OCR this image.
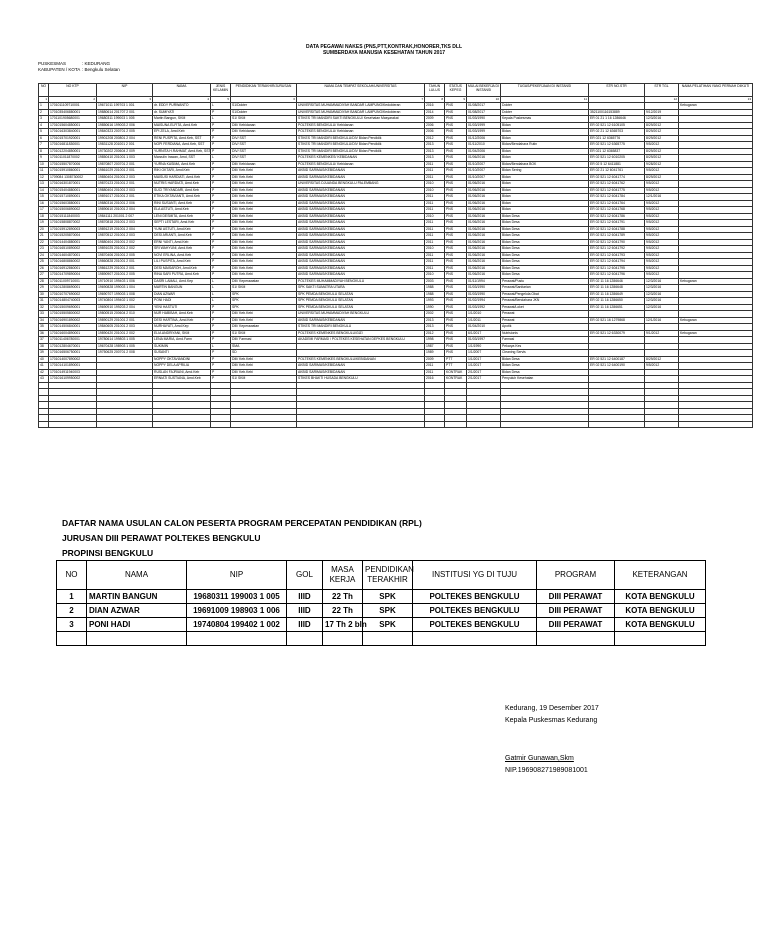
DATA PEGAWAI NAKES (PNS,PTT,KONTRAK,HONORER,TKS DLL
SUMBERDAYA MANUSIA KESEHATAN TAHUN 2017
PUSKESMAS	: KEDURANG
KABUPATEN / KOTA : Bengkulu Selatan
NO	NO KTP	NIP	NAMA	JENIS KELAMIN	PENDIDIKAN TERAKHIR/JURUSAN	NAMA DAN TEMPAT SEKOLAH/UNIVERSITAS	TAHUN LULUS	STATUS KEPEG	MULAI BEKERJA DI INSTANSI	TUGAS/PEKERJAAN DI INSTANSI	STR NO.STR	STR TGL	NAMA PELATIHAN YANG PERNAH DIIKUTI
1	2	3	4	5	6	7	8	9	10	11		12	13
1	1701011109710001	19671011 199703 1 001	dr. EDDY PURWANTO	L	S1/Dokter	UNIVERSITAS MUHAMMADIYAH BANDAR LAMPUNG/Kedokteran	2016	PNS	01/08/2017	Dokter			Kebugaran
2	1701035406880001	19880614 201707 2 001	dr. SUMIYATI	P	S1/Dokter	UNIVERSITAS MUHAMMADIYAH BANDAR LAMPUNG/Kedokteran	2014	PNS	01/08/2017	Dokter	3521100116153889	9/12/2019	
3	1701101905680001	19680311 199003 1 005	Martin Bangun, SKM	L	S1/ SKM	STIKES TRI MANDIRI SAKTI BENGKULU/ Kesehatan Masyarakat	2009	PNS	01/03/1990	Kepala Puskesmas	ER 01 21 1 16 1286646	12/3/2016	
4	1701015604850001	19850616 199003 2 006	MAISUNA ELFITA, Amd.Keb	P	DIII/ Kebidanan	POLTEKES BENGKULU/ Kebidanan	2006	PNS	01/03/1999	Bidan	ER 02 521 12 6105105	8/29/2012	
5	1701016303840001	19840323 200701 2 005	EPI ZELA, Amd.Keb	P	DIII/ Kebidanan	POLTEKES BENGKULU/ Kebidanan	2006	PNS	01/03/1999	Bidan	ER 02 21 12 6365703	8/29/2012	
6	1701015701920001	19901208 200801 2 004	RENI PUSPITA, Amd.Keb, SST	P	DIV/ SST	STIKES TRI MANDIRI BENGKULU/DIV Bidan Pendidik	2012	PNS	01/12/2006	Bidan	ER 021 12 6365776	8/29/2012	
7	1701016811830001	19831128 201001 2 001	NOPI FERDIANA, Amd.Keb, SST	P	DIV/ SST	STIKES TRI MANDIRI BENGKULU/DIV Bidan Pendidik	2013	PNS	01/11/2010	Bidan/Bendahara Rutin	ER 02 521 12 6365775	9/5/2012	
8	1701012204850001	19730202 200604 2 009	YURNITA H.RAHMAT, Amd.Keb, SST	P	DIV/ SST	STIKES TRI MANDIRI BENGKULU/DIV Bidan Pendidik	2013	PNS	01/04/2006	Bidan	ER 021 12 6365837	8/29/2012	
9	1701011011870002	19850410 201001 1 003	Marzulin Irawan, Amd, SST	L	DIV/ SST	POLTEKES KEMENKES/ KEBIDANAN	2013	PNS	01/06/2016	Bidan	ER 02 521 12 6010205	8/29/2012	
10	1701015507870006	19870807 200701 2 001	YURNA KASIMA, Amd.Keb	P	DIII/ Kebidanan	POLTEKES BENGKULU/ Kebidanan	2011	PNS	01/10/2007	Bidan/Bendahara BOK	ER 02 5 12 6411881	9/28/2012	
11	1701015910860001	19861029 201001 2 001	RIKI OKTARI, Amd.Keb	P	DIII/ Keb.Kebi	AKBID SARIMAS/KEBIDANAN	2011	PNS	01/10/2007	Bidan Sering	ER 02 21 12 6041761	9/5/2012	
12	1709084 1308730002	19850404 201001 2 003	MAISUSI HARDIATI, Amd.Keb	P	DIII/ Keb.Kebi	AKBID SARIMAS/KEBIDANAN	2011	PNS	01/10/2007	Bidan	ER 02 521 12 6041774	8/29/2012	
13	1701016301870001	19870123 201001 2 001	NUTRIS HARDIATI, Amd.Keb	P	DIII/ Keb.Kebi	UNIVERSITAS DJUANDA BENGKULU PALEMBANG	2010	PNS	01/06/2016	Bidan	ER 02 521 12 6041762	9/5/2012	
14	1701015404880001	19880404 201001 2 003	SUCI TRIYANDARI, Amd.Keb	P	DIII/ Keb.Kebi	AKBID SARIMAS/KEBIDANAN	2010	PNS	01/06/2016	Bidan	ER 02 521 12 6041775	9/5/2012	
15	1701015710890001	19891017 201001 2 001	ETIKA OKTAVIANTI, Amd.Keb	P	DIII/ Keb.Kebi	AKBID SARIMAS/KEBIDANAN	2011	PNS	01/06/2016	Bidan	ER 02 521 12 6041784	12/1/2016	
16	1701015603880001	19880316 201001 2 006	RINI SUSANTI, Amd.Keb	P	DIII/ Keb.Kebi	AKBID SARIMAS/KEBIDANAN	2011	PNS	01/06/2016	Bidan	ER 02 521 12 6041764	9/5/2012	
17	1701015006890002	19890610 201001 2 004	ELA ASTUTI, Amd.Keb	P	DIII/ Keb.Kebi	AKBID SARIMAS/KEBIDANAN	2011	PNS	01/06/2016	Bidan	ER 02 521 12 6041768	9/5/2012	
18	1701015111840003	19841111 201001 2 007	LENI DESMITA, Amd.Keb	P	DIII/ Keb.Kebi	AKBID SARIMAS/KEBIDANAN	2010	PNS	01/06/2016	Bidan Desa	ER 02 521 12 6041786	9/5/2012	
19	1701015808870002	19870818 201001 2 003	SEPTI LESTARI, Amd.Keb	P	DIII/ Keb.Kebi	AKBID SARIMAS/KEBIDANAN	2011	PNS	01/06/2016	Bidan Desa	ER 02 521 12 6041791	9/5/2012	
20	1701015912890003	19891219 201001 2 004	YUNI ASTUTI, Amd.Keb	P	DIII/ Keb.Kebi	AKBID SARIMAS/KEBIDANAN	2011	PNS	01/06/2016	Bidan Desa	ER 02 521 12 6041788	9/5/2012	
21	1701015205870004	19870512 201001 2 003	DESI ARIANTI, Amd.Keb	P	DIII/ Keb.Kebi	AKBID SARIMAS/KEBIDANAN	2011	PNS	01/06/2016	Bidan Desa	ER 02 521 12 6041789	9/5/2012	
22	1701014404880001	19880404 201001 2 002	ERNI YANTI, Amd.Keb	P	DIII/ Keb.Kebi	AKBID SARIMAS/KEBIDANAN	2011	PNS	01/06/2016	Bidan Desa	ER 02 521 12 6041790	9/5/2012	
23	1701016510890002	19891025 201001 2 002	SRI WAHYUNI, Amd.Keb	P	DIII/ Keb.Kebi	AKBID SARIMAS/KEBIDANAN	2010	PNS	01/06/2016	Bidan Desa	ER 02 521 12 6041792	9/5/2012	
24	1701014604870001	19870406 201001 2 005	NOVI ERLINA, Amd.Keb	P	DIII/ Keb.Kebi	AKBID SARIMAS/KEBIDANAN	2011	PNS	01/06/2016	Bidan Desa	ER 02 521 12 6041793	9/5/2012	
25	1701016808860002	19860828 201001 2 001	LILI PUSPITA, Amd.Keb	P	DIII/ Keb.Kebi	AKBID SARIMAS/KEBIDANAN	2011	PNS	01/06/2016	Bidan Desa	ER 02 521 12 6041794	9/5/2012	
26	1701016912860001	19861229 201001 2 001	DESI MAISAROH, Amd.Keb	P	DIII/ Keb.Kebi	AKBID SARIMAS/KEBIDANAN	2011	PNS	01/06/2016	Bidan Desa	ER 02 521 12 6041795	9/5/2012	
27	1701014709890004	19890907 201001 2 005	RINA SARI PUTRA, Amd.Keb	P	DIII/ Keb.Kebi	AKBID SARIMAS/KEBIDANAN	2010	PNS	01/06/2016	Bidan Desa	ER 02 521 12 6041796	9/5/2012	
28	1701011009710001	19710910 199403 1 006	DASRI LAMALI, Amd.Kep	L	DIII/ Keperawatan	POLTEKES MUHAMMADIYAH BENGKULU	2003	PNS	01/11/1994	Perawat/Pustu	ER 02 11 16 1286646	12/3/2016	Kebugaran
29	1701012808690001	19690828 199003 1 004	MARTIN BANGUN	L	S1/ SKM	SPK SAKTI SUMATRA UTARA	1988	PNS	01/03/1990	Perawat/Sanitarian	ER 02 11 16 1286648	12/3/2016	
30	1701010707690002	19690707 199003 1 008	DIAN AZWAR	L	SPK	SPK PEMDA BENGKULU SELATAN	1988	PNS	01/03/1990	Perawat/Pengelola Obat	ER 02 11 16 1286649	12/3/2016	
31	1701014804740003	19740804 199402 1 002	PONI HADI	L	SPK	SPK PEMDA BENGKULU SELATAN	1993	PNS	01/02/1994	Perawat/Bendahara JKN	ER 02 11 16 1286650	12/3/2016	
32	1701015009690001	19690910 199203 2 004	YENI HASTUTI	P	SPK	SPK PEMDA BENGKULU SELATAN	1990	PNS	01/03/1992	Perawat/Loket	ER 02 11 16 1286651	12/3/2016	
33	1701015505800002	19800515 200604 2 010	NUR HABIBAH, Amd.Keb	P	DIII/ Keb.Kebi	UNIVERSITAS MUHAMMADIYAH BENGKULU	2002	PNS	1/1/2010	Perawat			
34	1701016901890002	19890129 201001 2 001	DESI HARTINA, Amd.Keb	P	DIII/ Keb.Kebi	AKBID SARIMAS/KEBIDANAN	2013	PNS	1/1/2011	Perawat	ER 02 521 16 1279868	12/1/2016	Kebugaran
35	1701014506840001	19840605 201001 2 003	NURHAYATI, Amd.Kep	P	DIII/ Keperawatan	STIKES TRI MANDIRI BENGKULU	2013	PNS	01/04/2010	Apotik			
36	1701016004890001	19890420 201001 2 002	ELIA ANDRIYANI, SKM	P	S1/ SKM	POLTEKES KEMENKES BENGKULU/GIZI	2012	PNS	6/1/2017	Nutrisionis	ER 02 521 12 6330079	9/1/2012	Kebugaran
37	1701011406780001	19780614 199803 1 005	LENA MARIA, Amd.Farm	P	DIII/ Farmasi	AKADEMI FARMASI / POLTEKES KESEHATAN DEPKES BENGKULU	1998	PNS	01/03/1997	Farmasi			
38	1701012804670001	19670428 198903 1 005	SUKIMIN	L	SMA		1987	PNS	1/1/1990	Pekarya Kes			
39	1701016506750001	19750625 200701 2 008	SUSANTI	P	SD		1989	PNS	1/1/2007	Cleaning Servis			
40	1701014007890002		NOPPY OKTAVIANDINI	P	DIII/ Keb.Kebi	POLTEKES KEMENKES BENGKULU/KEBIDANAN	2009	PTT	1/1/2017	Bidan Desa	ER 02 521 12 6400187	8/29/2012	
41	1701014101890001		NOPPY DELA APRILIA	P	DIII/ Keb.Kebi	AKBID SARIMAS/KEBIDANAN	2011	PTT	1/1/2017	Bidan Desa	ER 02 521 12 6400190	9/5/2012	
42	1701014911940003		RUSLAN FAJRIANI, Amd.Keb	P	DIII/ Keb.Kebi	AKBID SARIMAS/KEBIDANAN	2011	KONTRAK	2/1/2017	Bidan Desa			
43	1701016109950002		ERNIATI SUSTIANA, Amd.Keb	P	S1/ SKM	STIKES BHAKTI HUSADA BENGKULU	2016	KONTRAK	2/1/2017	Penyuluh Kesehatan			

DAFTAR NAMA USULAN CALON PESERTA PROGRAM PERCEPATAN PENDIDIKAN (RPL)
JURUSAN DIII PERAWAT POLTEKES BENGKULU
PROPINSI BENGKULU
NO	NAMA	NIP	GOL	MASA KERJA	PENDIDIKAN TERAKHIR	INSTITUSI YG DI TUJU	PROGRAM	KETERANGAN
1	MARTIN BANGUN	19680311 199003 1 005	IIID	22 Th	SPK	POLTEKES BENGKULU	DIII PERAWAT	KOTA BENGKULU
2	DIAN AZWAR	19691009 198903 1 006	IIID	22 Th	SPK	POLTEKES BENGKULU	DIII PERAWAT	KOTA BENGKULU
3	PONI HADI	19740804 199402 1 002	IIID	17 Th 2 bln	SPK	POLTEKES BENGKULU	DIII PERAWAT	KOTA BENGKULU

Kedurang, 19 Desember 2017
Kepala Puskesmas Kedurang
Gatmir Gunawan,Skm
NIP.196908271989081001
